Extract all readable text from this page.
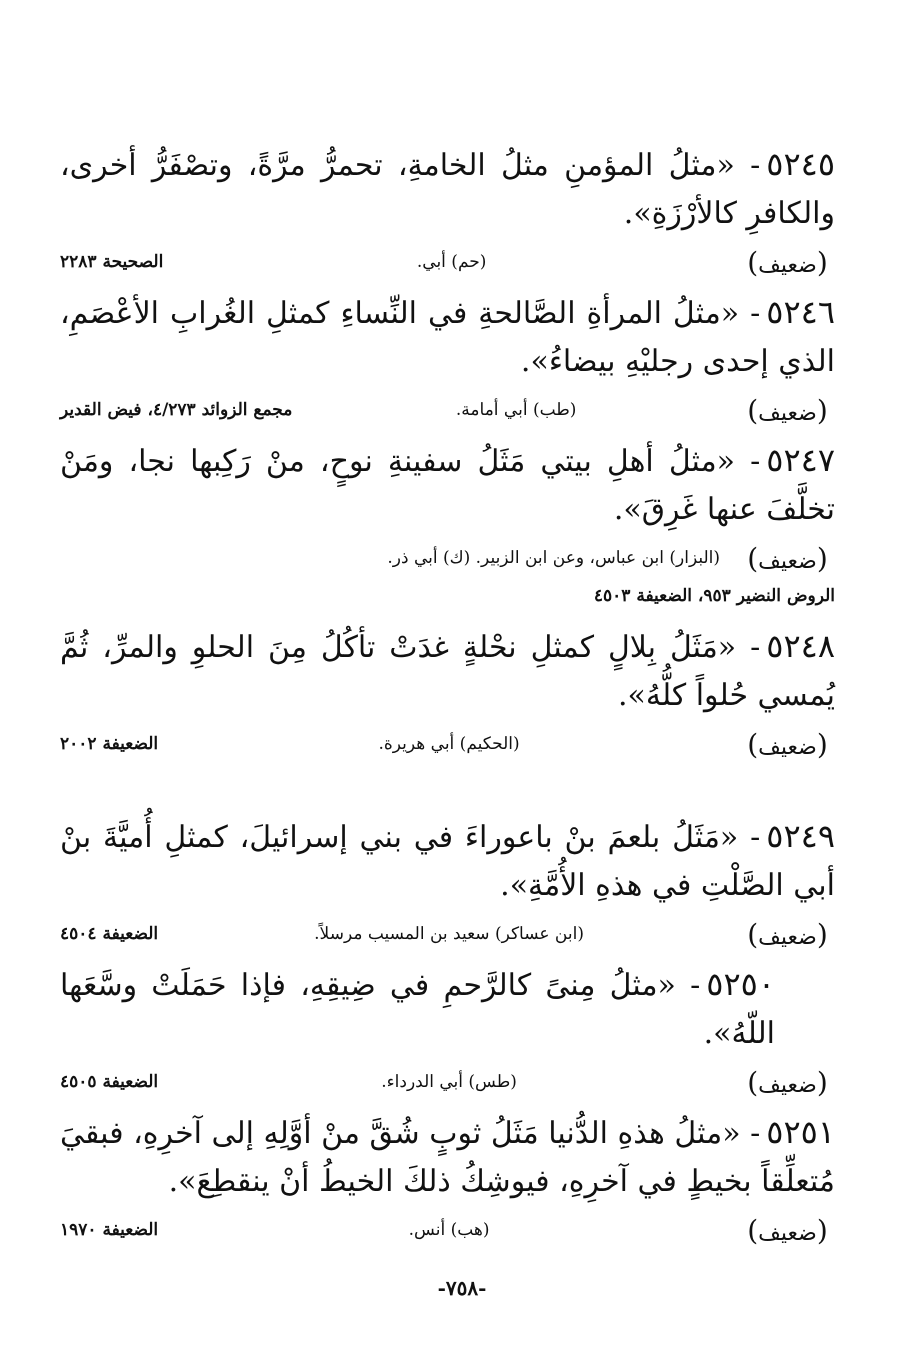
٥٢٤٥- «مثلُ المؤمنِ مثلُ الخامةِ، تحمرُّ مرَّةً، وتصْفَرُّ أخرى، والكافرِ كالأرْزَةِ».

(ضعيف)
(حم) أبي.
الصحيحة ٢٢٨٣

٥٢٤٦- «مثلُ المرأةِ الصَّالحةِ في النِّساءِ كمثلِ الغُرابِ الأعْصَمِ، الذي إحدى رجليْهِ بيضاءُ».

(ضعيف)
(طب) أبي أمامة.
مجمع الزوائد ٤/٢٧٣، فيض القدير

٥٢٤٧- «مثلُ أهلِ بيتي مَثَلُ سفينةِ نوحٍ، منْ رَكِبها نجا، ومَنْ تخلَّفَ عنها غَرِقَ».

(ضعيف)
(البزار) ابن عباس، وعن ابن الزبير. (ك) أبي ذر.
الروض النضير ٩٥٣، الضعيفة ٤٥٠٣

٥٢٤٨- «مَثَلُ بِلالٍ كمثلِ نحْلةٍ غدَتْ تأكُلُ مِنَ الحلوِ والمرِّ، ثُمَّ يُمسي حُلواً كلُّهُ».

(ضعيف)
(الحكيم) أبي هريرة.
الضعيفة ٢٠٠٢

٥٢٤٩- «مَثَلُ بلعمَ بنْ باعوراءَ في بني إسرائيلَ، كمثلِ أُميَّةَ بنْ أبي الصَّلْتِ في هذهِ الأُمَّةِ».

(ضعيف)
(ابن عساكر) سعيد بن المسيب مرسلاً.
الضعيفة ٤٥٠٤

٥٢٥٠- «مثلُ مِنىً كالرَّحمِ في ضِيقِهِ، فإذا حَمَلَتْ وسَّعَها اللّهُ».

(ضعيف)
(طس) أبي الدرداء.
الضعيفة ٤٥٠٥

٥٢٥١- «مثلُ هذهِ الدُّنيا مَثَلُ ثوبٍ شُقَّ منْ أوَّلِهِ إلى آخرِهِ، فبقيَ مُتعلِّقاً بخيطٍ في آخرِهِ، فيوشِكُ ذلكَ الخيطُ أنْ ينقطِعَ».

(ضعيف)
(هب) أنس.
الضعيفة ١٩٧٠
-٧٥٨-
